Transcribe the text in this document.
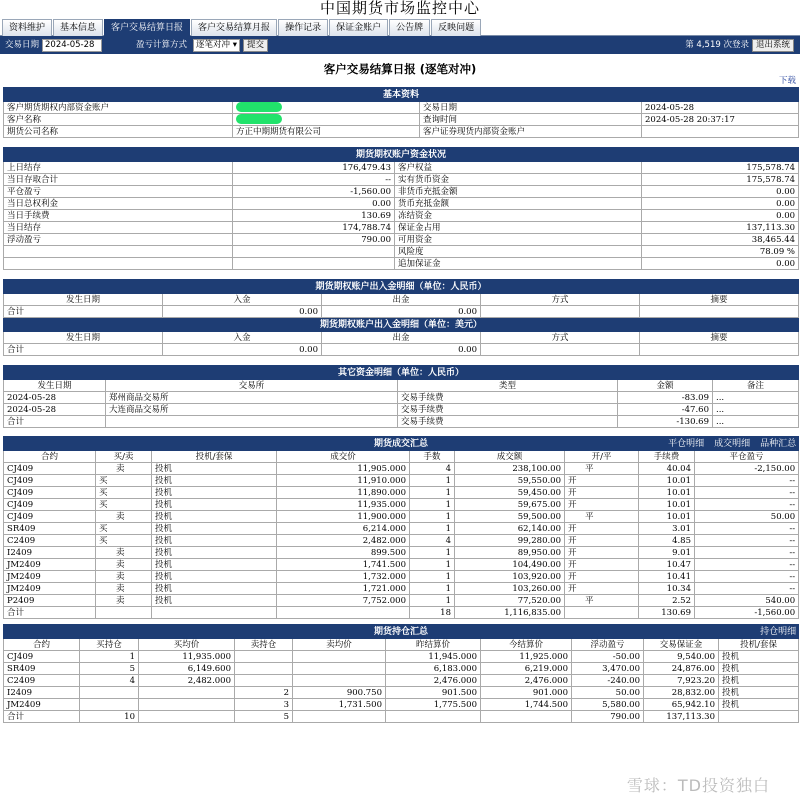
中国期货市场监控中心
资料维护 基本信息 客户交易结算日报 客户交易结算月报 操作记录 保证金账户 公告牌 反映问题
交易日期
2024-05-28	盈亏计算方式	逐笔对冲 ▾	提交	第 4,519 次登录 退出系统
客户交易结算日报 (逐笔对冲)
下载
基本资料			
客户期货期权内部资金账户		交易日期	2024-05-28
客户名称		查询时间	2024-05-28 20:37:17
期货公司名称	方正中期期货有限公司	客户证券现货内部资金账户	
期货期权账户资金状况			
上日结存	176,479.43	客户权益	175,578.74
当日存取合计	--	实有货币资金	175,578.74
平仓盈亏	-1,560.00	非货币充抵金额	0.00
当日总权利金	0.00	货币充抵金额	0.00
当日手续费	130.69	冻结资金	0.00
当日结存	174,788.74	保证金占用	137,113.30
浮动盈亏	790.00	可用资金	38,465.44
		风险度	78.09 %
		追加保证金	0.00
期货期权账户出入金明细（单位：人民币）				
发生日期	入金	出金	方式	摘要
合计	0.00	0.00		
期货期权账户出入金明细（单位：美元）				
发生日期	入金	出金	方式	摘要
合计	0.00	0.00		
其它资金明细（单位：人民币）				
发生日期	交易所	类型	金额	备注
2024-05-28	郑州商品交易所	交易手续费	-83.09	...
2024-05-28	大连商品交易所	交易手续费	-47.60	...
合计		交易手续费	-130.69	...
期货成交汇总 平仓明细 成交明细 品种汇总								

合约	买/卖	投机/套保	成交价	手数	成交额	开/平	手续费	平仓盈亏
CJ409	卖	投机	11,905.000	4	238,100.00	平	40.04	-2,150.00
CJ409	买	投机	11,910.000	1	59,550.00	开	10.01	--
CJ409	买	投机	11,890.000	1	59,450.00	开	10.01	--
CJ409	买	投机	11,935.000	1	59,675.00	开	10.01	--
CJ409	卖	投机	11,900.000	1	59,500.00	平	10.01	50.00
SR409	买	投机	6,214.000	1	62,140.00	开	3.01	--
C2409	买	投机	2,482.000	4	99,280.00	开	4.85	--
I2409	卖	投机	899.500	1	89,950.00	开	9.01	--
JM2409	卖	投机	1,741.500	1	104,490.00	开	10.47	--
JM2409	卖	投机	1,732.000	1	103,920.00	开	10.41	--
JM2409	卖	投机	1,721.000	1	103,260.00	开	10.34	--
P2409	卖	投机	7,752.000	1	77,520.00	平	2.52	540.00
合计				18	1,116,835.00		130.69	-1,560.00
期货持仓汇总 持仓明细									

合约	买持仓	买均价	卖持仓	卖均价	昨结算价	今结算价	浮动盈亏	交易保证金	投机/套保
CJ409	1	11,935.000			11,945.000	11,925.000	-50.00	9,540.00	投机
SR409	5	6,149.600			6,183.000	6,219.000	3,470.00	24,876.00	投机
C2409	4	2,482.000			2,476.000	2,476.000	-240.00	7,923.20	投机
I2409			2	900.750	901.500	901.000	50.00	28,832.00	投机
JM2409			3	1,731.500	1,775.500	1,744.500	5,580.00	65,942.10	投机
合计	10		5				790.00	137,113.30	
雪球：TD投资独白
